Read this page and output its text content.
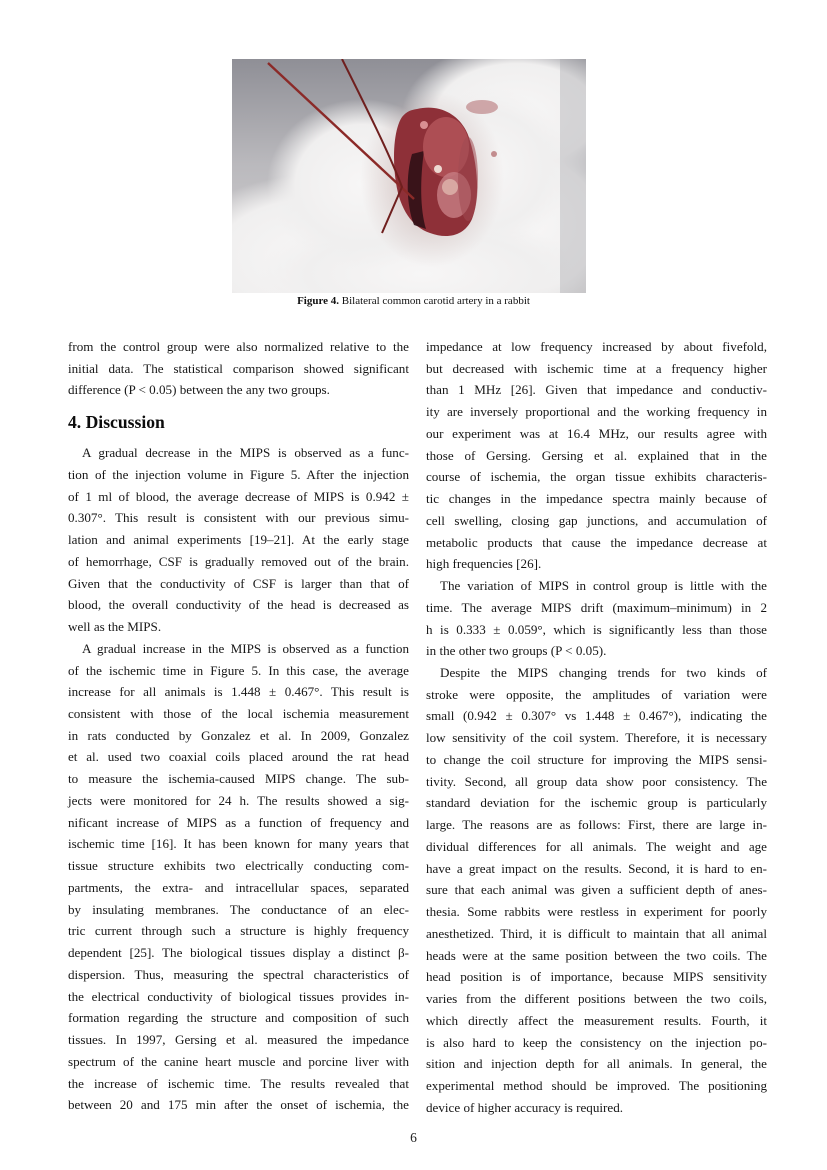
Figure 4. Bilateral common carotid artery in a rabbit
from the control group were also normalized relative to the
initial data. The statistical comparison showed significant
difference (P < 0.05) between the any two groups.
4. Discussion
A gradual decrease in the MIPS is observed as a func-
tion of the injection volume in Figure 5. After the injection
of 1 ml of blood, the average decrease of MIPS is 0.942 ±
0.307°. This result is consistent with our previous simu-
lation and animal experiments [19–21]. At the early stage
of hemorrhage, CSF is gradually removed out of the brain.
Given that the conductivity of CSF is larger than that of
blood, the overall conductivity of the head is decreased as
well as the MIPS.
A gradual increase in the MIPS is observed as a function
of the ischemic time in Figure 5. In this case, the average
increase for all animals is 1.448 ± 0.467°. This result is
consistent with those of the local ischemia measurement
in rats conducted by Gonzalez et al. In 2009, Gonzalez
et al. used two coaxial coils placed around the rat head
to measure the ischemia-caused MIPS change. The sub-
jects were monitored for 24 h. The results showed a sig-
nificant increase of MIPS as a function of frequency and
ischemic time [16]. It has been known for many years that
tissue structure exhibits two electrically conducting com-
partments, the extra- and intracellular spaces, separated
by insulating membranes. The conductance of an elec-
tric current through such a structure is highly frequency
dependent [25]. The biological tissues display a distinct β-
dispersion. Thus, measuring the spectral characteristics of
the electrical conductivity of biological tissues provides in-
formation regarding the structure and composition of such
tissues. In 1997, Gersing et al. measured the impedance
spectrum of the canine heart muscle and porcine liver with
the increase of ischemic time. The results revealed that
between 20 and 175 min after the onset of ischemia, the
impedance at low frequency increased by about fivefold,
but decreased with ischemic time at a frequency higher
than 1 MHz [26]. Given that impedance and conductiv-
ity are inversely proportional and the working frequency in
our experiment was at 16.4 MHz, our results agree with
those of Gersing. Gersing et al. explained that in the
course of ischemia, the organ tissue exhibits characteris-
tic changes in the impedance spectra mainly because of
cell swelling, closing gap junctions, and accumulation of
metabolic products that cause the impedance decrease at
high frequencies [26].
The variation of MIPS in control group is little with the
time. The average MIPS drift (maximum–minimum) in 2
h is 0.333 ± 0.059°, which is significantly less than those
in the other two groups (P < 0.05).
Despite the MIPS changing trends for two kinds of
stroke were opposite, the amplitudes of variation were
small (0.942 ± 0.307° vs 1.448 ± 0.467°), indicating the
low sensitivity of the coil system. Therefore, it is necessary
to change the coil structure for improving the MIPS sensi-
tivity. Second, all group data show poor consistency. The
standard deviation for the ischemic group is particularly
large. The reasons are as follows: First, there are large in-
dividual differences for all animals. The weight and age
have a great impact on the results. Second, it is hard to en-
sure that each animal was given a sufficient depth of anes-
thesia. Some rabbits were restless in experiment for poorly
anesthetized. Third, it is difficult to maintain that all animal
heads were at the same position between the two coils. The
head position is of importance, because MIPS sensitivity
varies from the different positions between the two coils,
which directly affect the measurement results. Fourth, it
is also hard to keep the consistency on the injection po-
sition and injection depth for all animals. In general, the
experimental method should be improved. The positioning
device of higher accuracy is required.
6
